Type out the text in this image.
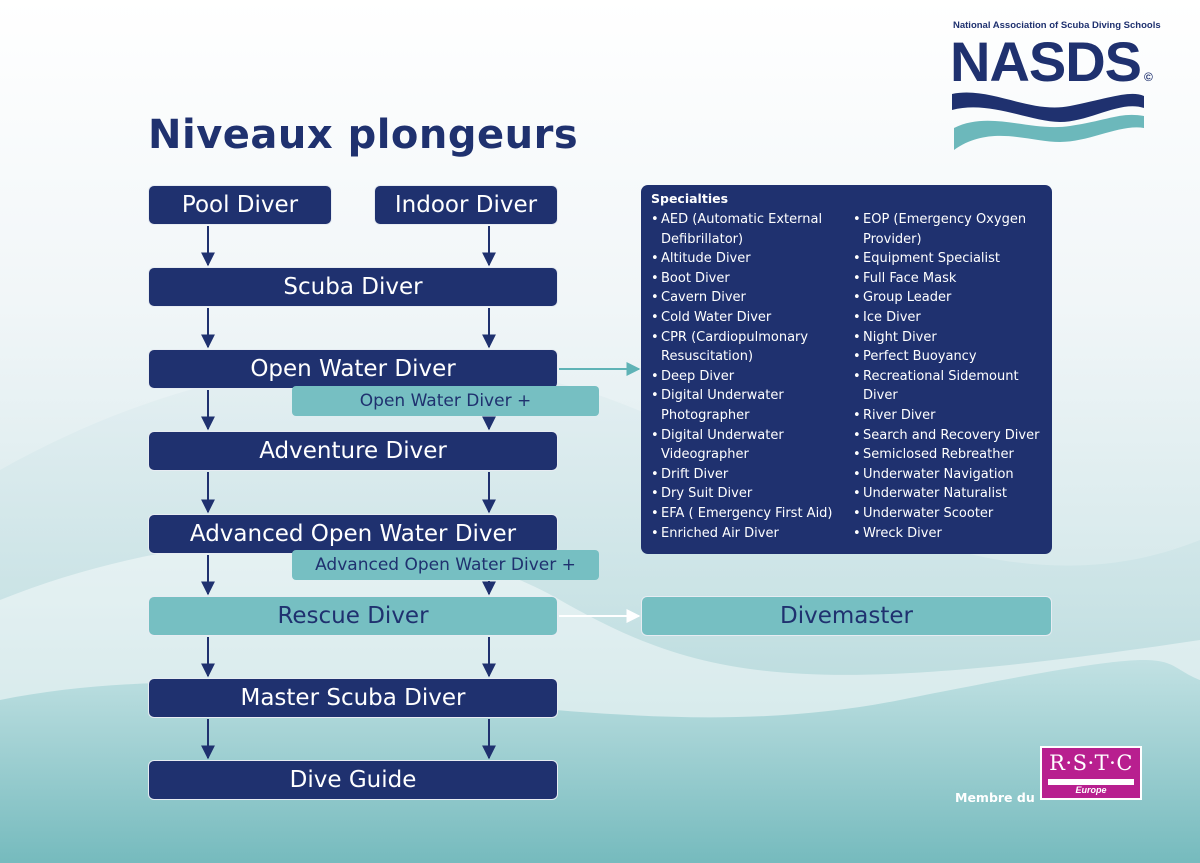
Niveaux plongeurs
National Association of Scuba Diving Schools
NASDS ©
Pool Diver	Indoor Diver
Scuba Diver
Open Water Diver
Open Water Diver +
Adventure Diver
Advanced Open Water Diver
Advanced Open Water Diver +
Rescue Diver	Divemaster
Master Scuba Diver
Dive Guide
Specialties
• AED (Automatic External Defibrillator)
• Altitude Diver
• Boot Diver
• Cavern Diver
• Cold Water Diver
• CPR (Cardiopulmonary Resuscitation)
• Deep Diver
• Digital Underwater Photographer
• Digital Underwater Videographer
• Drift Diver
• Dry Suit Diver
• EFA ( Emergency First Aid)
• Enriched Air Diver
• EOP (Emergency Oxygen Provider)
• Equipment Specialist
• Full Face Mask
• Group Leader
• Ice Diver
• Night Diver
• Perfect Buoyancy
• Recreational Sidemount Diver
• River Diver
• Search and Recovery Diver
• Semiclosed Rebreather
• Underwater Navigation
• Underwater Naturalist
• Underwater Scooter
• Wreck Diver
Membre du
R·S·T·C
Europe
